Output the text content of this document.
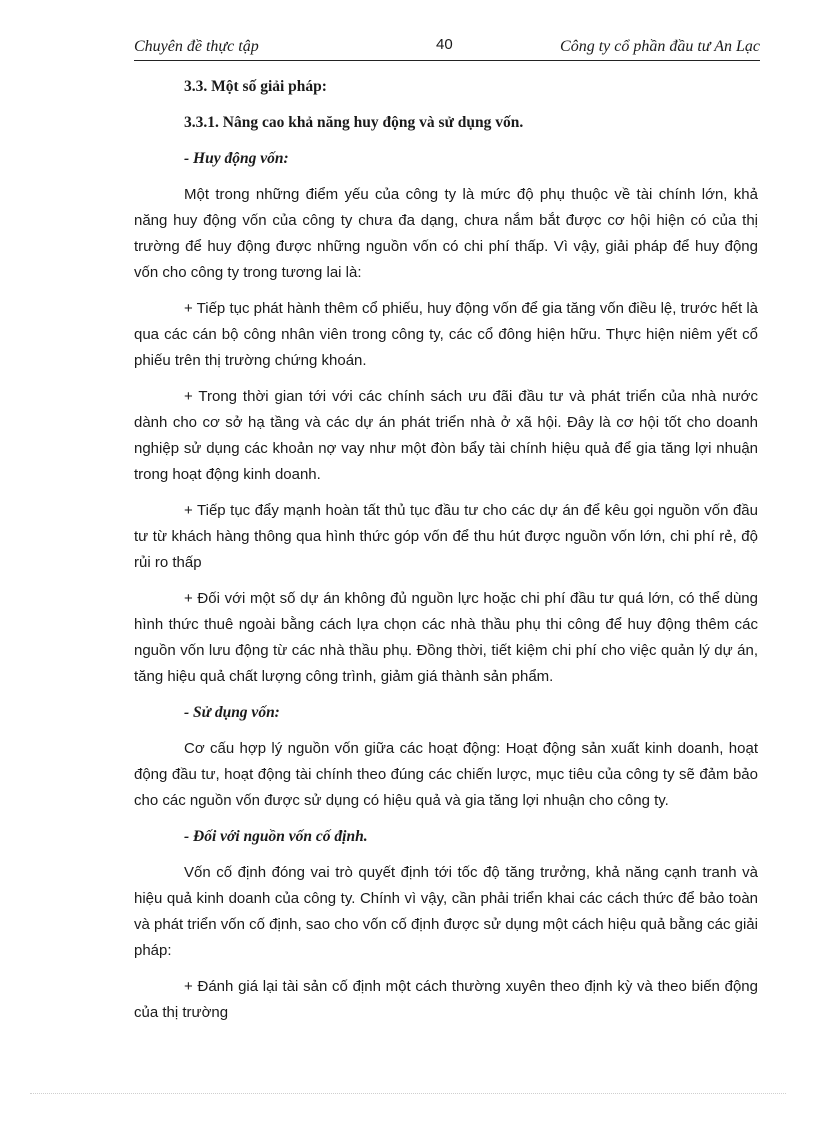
Chuyên đề thực tập	40	Công ty cổ phần đầu tư An Lạc

3.3. Một số giải pháp:

3.3.1. Nâng cao khả năng huy động và sử dụng vốn.

- Huy động vốn:

Một trong những điểm yếu của công ty là mức độ phụ thuộc về tài chính lớn, khả năng huy động vốn của công ty chưa đa dạng, chưa nắm bắt được cơ hội hiện có của thị trường để huy động được những nguồn vốn có chi phí thấp. Vì vậy, giải pháp để huy động vốn cho công ty trong tương lai là:

+ Tiếp tục phát hành thêm cổ phiếu, huy động vốn để gia tăng vốn điều lệ, trước hết là qua các cán bộ công nhân viên trong công ty, các cổ đông hiện hữu. Thực hiện niêm yết cổ phiếu trên thị trường chứng khoán.

+ Trong thời gian tới với các chính sách ưu đãi đầu tư và phát triển của nhà nước dành cho cơ sở hạ tầng và các dự án phát triển nhà ở xã hội. Đây là cơ hội tốt cho doanh nghiệp sử dụng các khoản nợ vay như một đòn bẩy tài chính hiệu quả để gia tăng lợi nhuận trong hoạt động kinh doanh.

+ Tiếp tục đẩy mạnh hoàn tất thủ tục đầu tư cho các dự án để kêu gọi nguồn vốn đầu tư từ khách hàng thông qua hình thức góp vốn để thu hút được nguồn vốn lớn, chi phí rẻ, độ rủi ro thấp

+ Đối với một số dự án không đủ nguồn lực hoặc chi phí đầu tư quá lớn, có thể dùng hình thức thuê ngoài bằng cách lựa chọn các nhà thầu phụ thi công để huy động thêm các nguồn vốn lưu động từ các nhà thầu phụ. Đồng thời, tiết kiệm chi phí cho việc quản lý dự án, tăng hiệu quả chất lượng công trình, giảm giá thành sản phẩm.

- Sử dụng vốn:

Cơ cấu hợp lý nguồn vốn giữa các hoạt động: Hoạt động sản xuất kinh doanh, hoạt động đầu tư, hoạt động tài chính theo đúng các chiến lược, mục tiêu của công ty sẽ đảm bảo cho các nguồn vốn được sử dụng có hiệu quả và gia tăng lợi nhuận cho công ty.

- Đối với nguồn vốn cố định.

Vốn cố định đóng vai trò quyết định tới tốc độ tăng trưởng, khả năng cạnh tranh và hiệu quả kinh doanh của công ty. Chính vì vậy, cần phải triển khai các cách thức để bảo toàn và phát triển vốn cố định, sao cho vốn cố định được sử dụng một cách hiệu quả bằng các giải pháp:

+ Đánh giá lại tài sản cố định một cách thường xuyên theo định kỳ và theo biến động của thị trường
